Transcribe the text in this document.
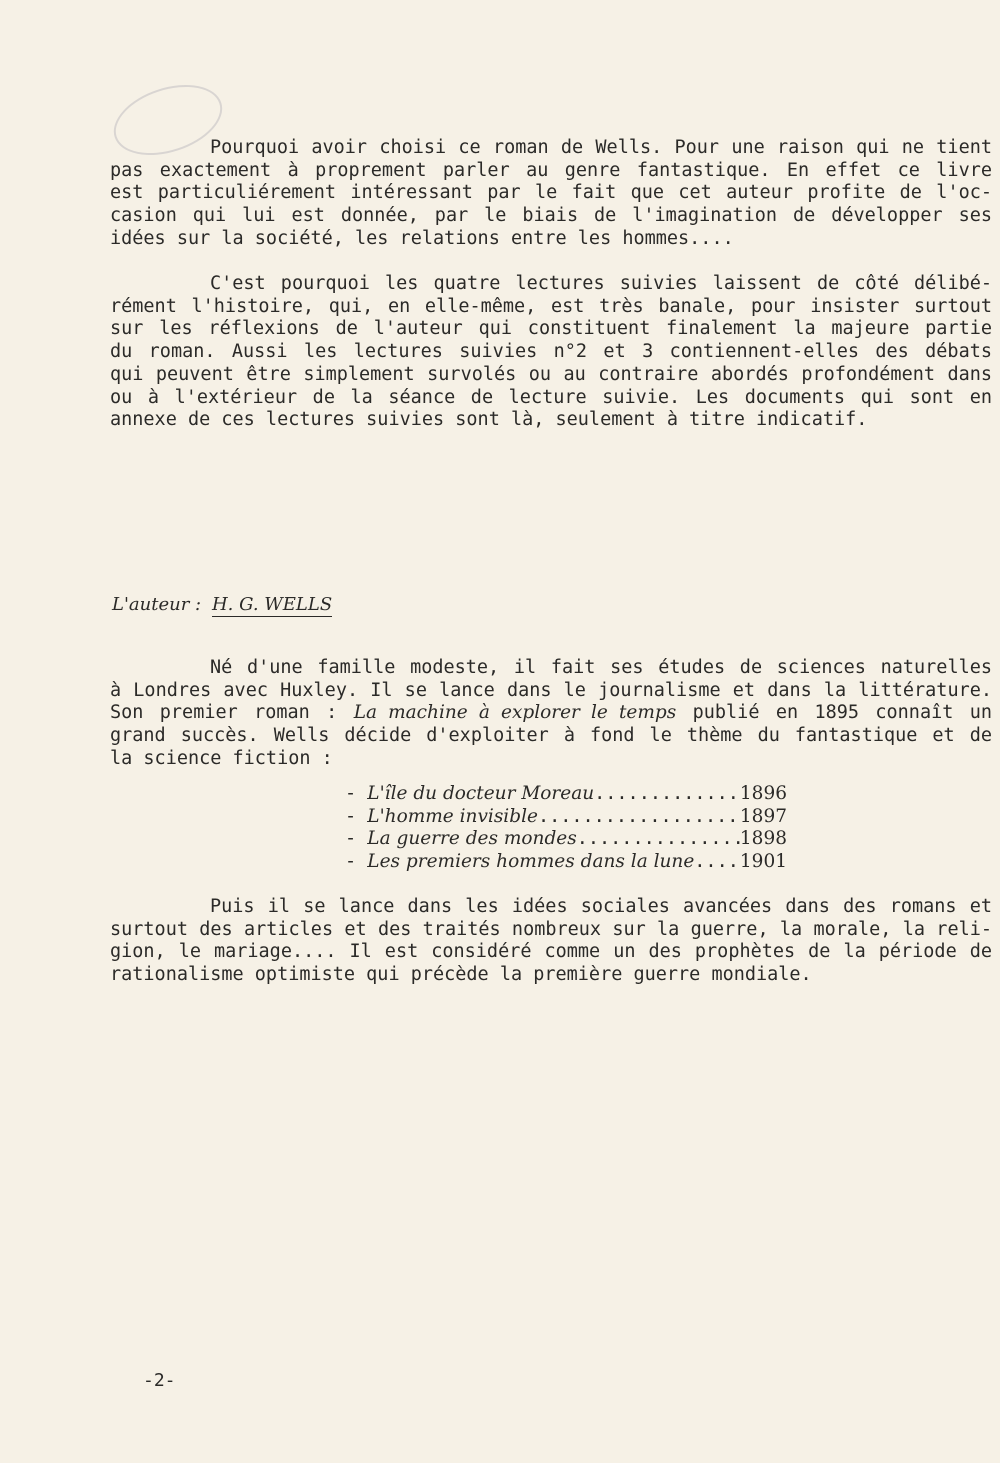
Pourquoi avoir choisi ce roman de Wells. Pour une raison qui ne tient
pas exactement à proprement parler au genre fantastique. En effet ce livre
est particuliérement intéressant par le fait que cet auteur profite de l'oc-
casion qui lui est donnée, par le biais de l'imagination de développer ses
idées sur la société, les relations entre les hommes....

C'est pourquoi les quatre lectures suivies laissent de côté délibé-
rément l'histoire, qui, en elle-même, est très banale, pour insister surtout
sur les réflexions de l'auteur qui constituent finalement la majeure partie
du roman. Aussi les lectures suivies n°2 et 3 contiennent-elles des débats
qui peuvent être simplement survolés ou au contraire abordés profondément dans
ou à l'extérieur de la séance de lecture suivie. Les documents qui sont en
annexe de ces lectures suivies sont là, seulement à titre indicatif.

L'auteur : H. G. WELLS

Né d'une famille modeste, il fait ses études de sciences naturelles
à Londres avec Huxley. Il se lance dans le journalisme et dans la littérature.
Son premier roman : La machine à explorer le temps publié en 1895 connaît un
grand succès. Wells décide d'exploiter à fond le thème du fantastique et de
la science fiction :

- L'île du docteur Moreau .....	1896
- L'homme invisible .....	1897
- La guerre des mondes .....	1898
- Les premiers hommes dans la lune ..... 1901

Puis il se lance dans les idées sociales avancées dans des romans et
surtout des articles et des traités nombreux sur la guerre, la morale, la reli-
gion, le mariage.... Il est considéré comme un des prophètes de la période de
rationalisme optimiste qui précède la première guerre mondiale.

-2-
